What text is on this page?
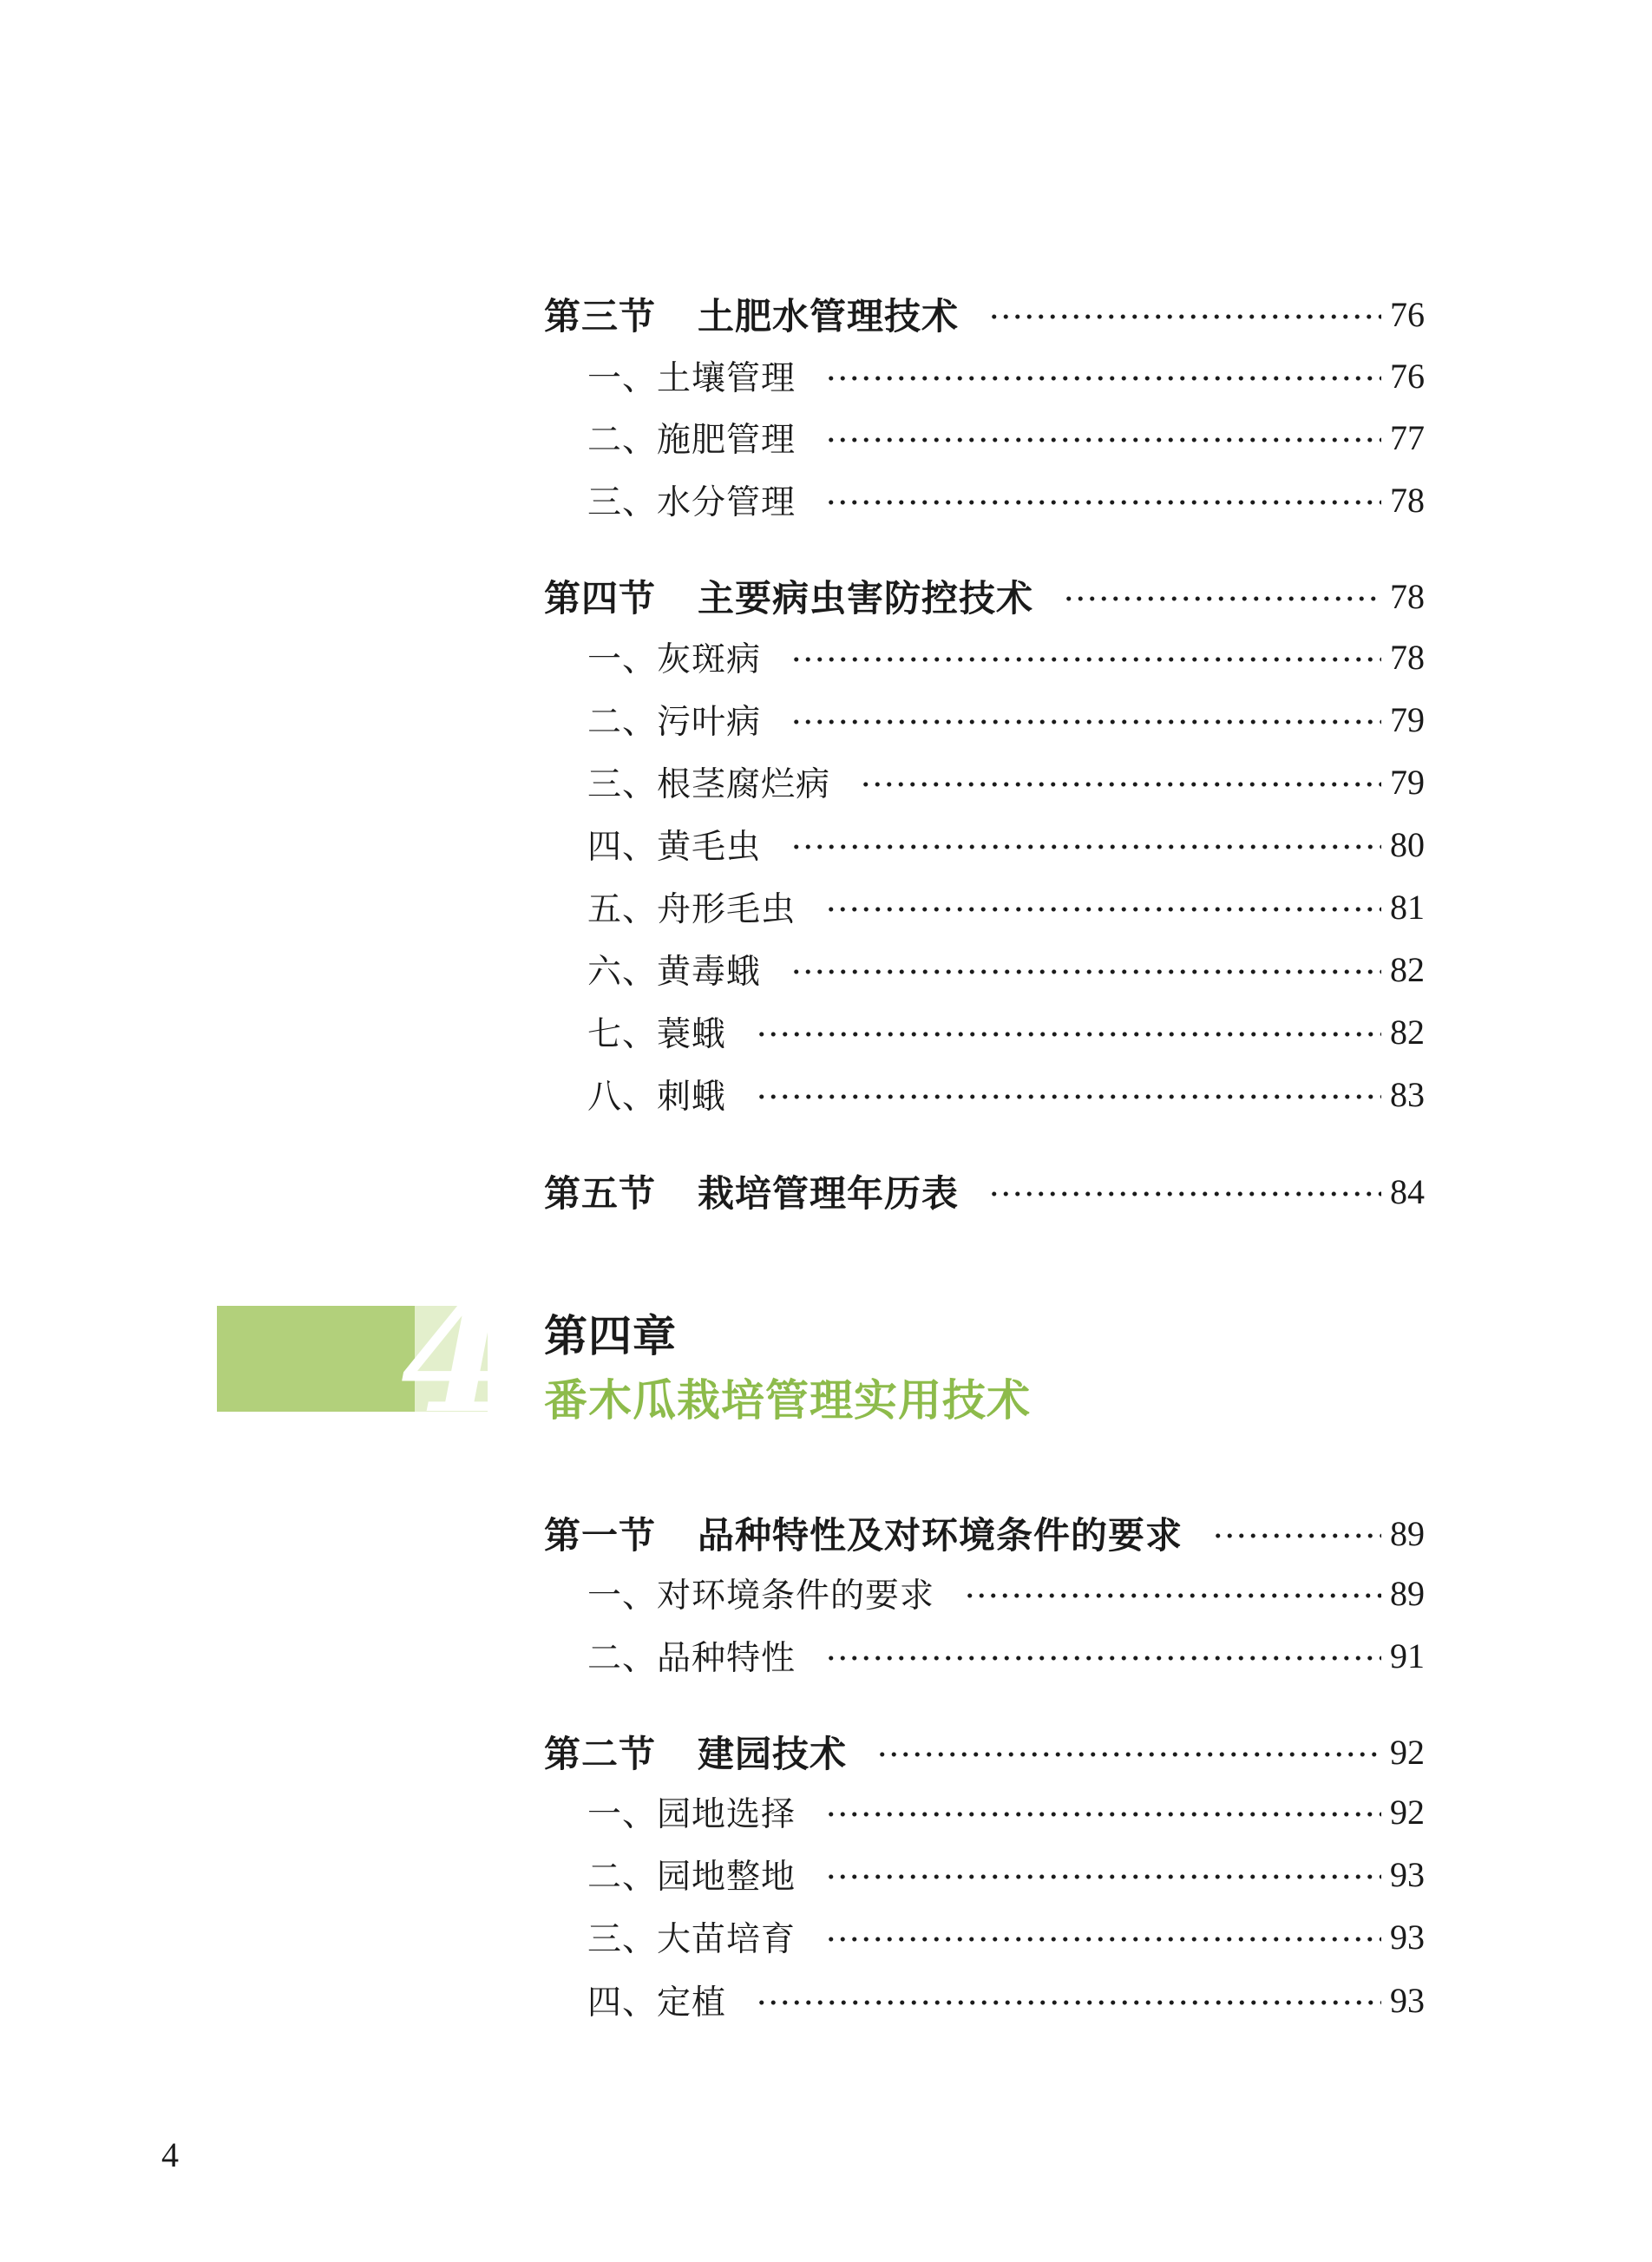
第三节 土肥水管理技术	76
一、土壤管理	76
二、施肥管理	77
三、水分管理	78
第四节 主要病虫害防控技术	78
一、灰斑病	78
二、污叶病	79
三、根茎腐烂病	79
四、黄毛虫	80
五、舟形毛虫	81
六、黄毒蛾	82
七、蓑蛾	82
八、刺蛾	83
第五节 栽培管理年历表	84
4 第四章
番木瓜栽培管理实用技术
第一节 品种特性及对环境条件的要求	89
一、对环境条件的要求	89
二、品种特性	91
第二节 建园技术	92
一、园地选择	92
二、园地整地	93
三、大苗培育	93
四、定植	93
4
